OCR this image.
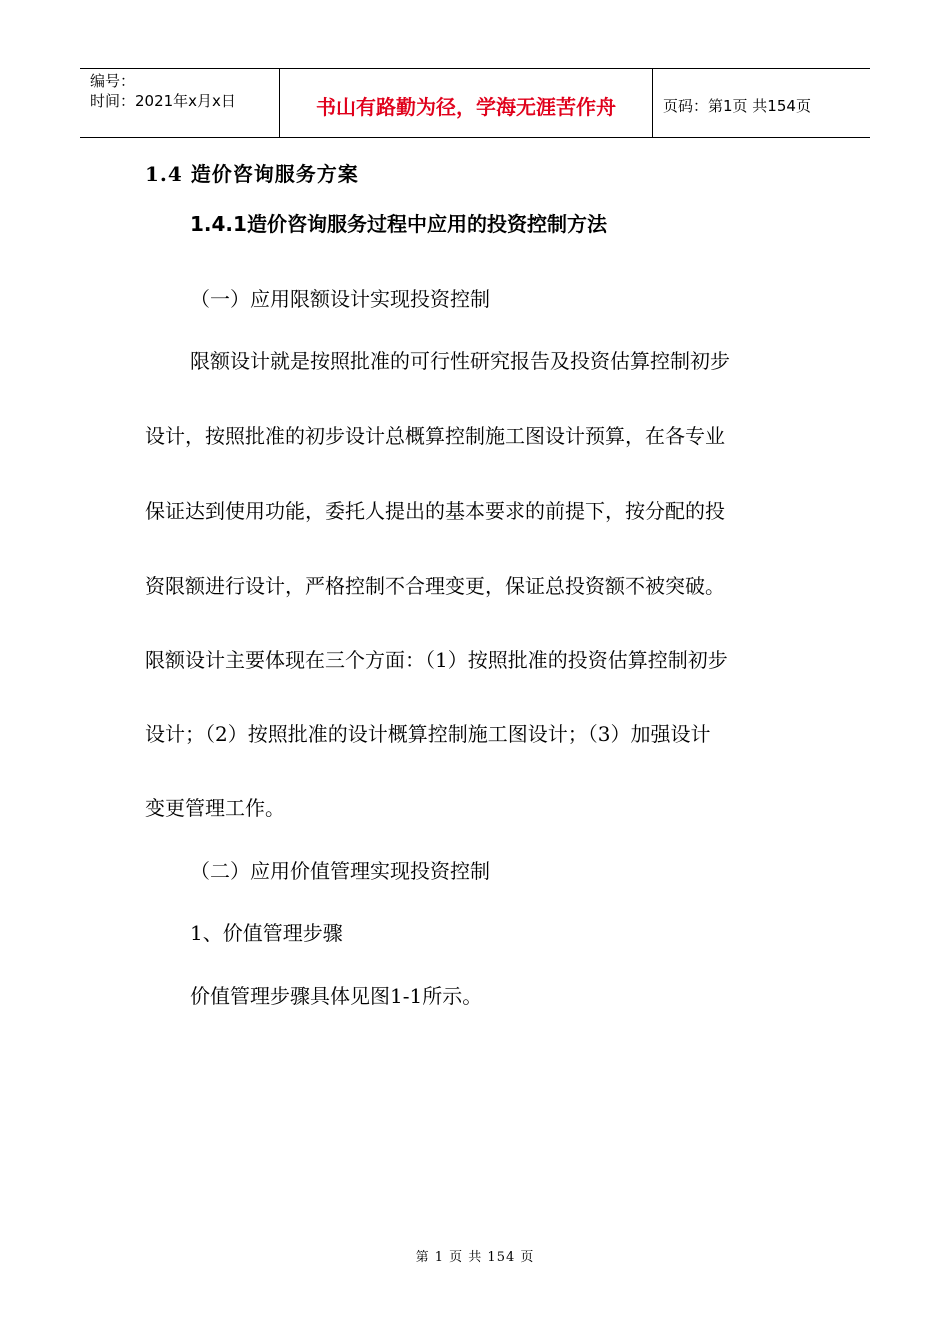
编号：
时间：2021年x月x日	书山有路勤为径，学海无涯苦作舟	页码：第1页 共154页
1.4 造价咨询服务方案
1.4.1造价咨询服务过程中应用的投资控制方法
（一）应用限额设计实现投资控制
限额设计就是按照批准的可行性研究报告及投资估算控制初步
设计，按照批准的初步设计总概算控制施工图设计预算，在各专业
保证达到使用功能，委托人提出的基本要求的前提下，按分配的投
资限额进行设计，严格控制不合理变更，保证总投资额不被突破。
限额设计主要体现在三个方面：（1）按照批准的投资估算控制初步
设计；（2）按照批准的设计概算控制施工图设计；（3）加强设计
变更管理工作。
（二）应用价值管理实现投资控制
1、价值管理步骤
价值管理步骤具体见图1-1所示。
第 1 页 共 154 页
